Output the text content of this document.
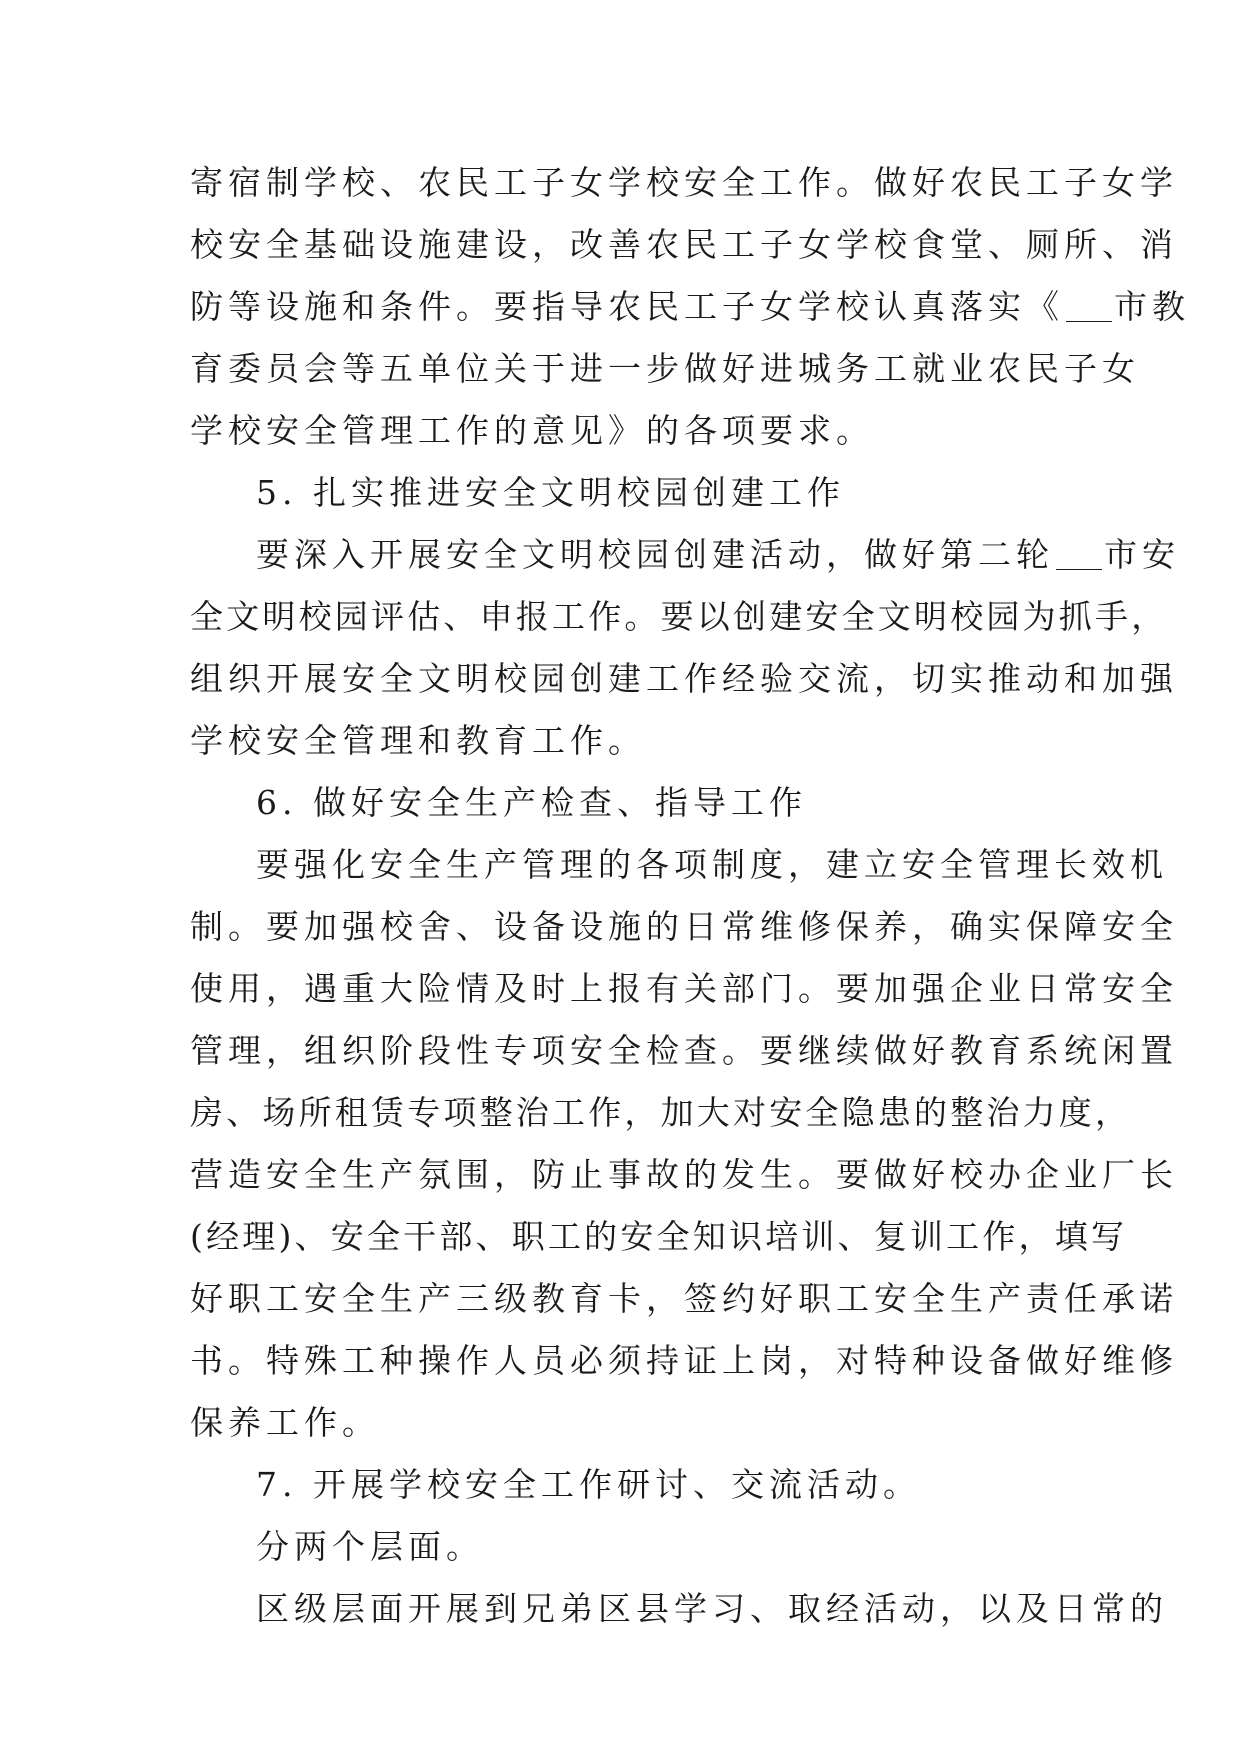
寄宿制学校、农民工子女学校安全工作。做好农民工子女学
校安全基础设施建设，改善农民工子女学校食堂、厕所、消
防等设施和条件。要指导农民工子女学校认真落实《 市教
育委员会等五单位关于进一步做好进城务工就业农民子女
学校安全管理工作的意见》的各项要求。
5. 扎实推进安全文明校园创建工作
要深入开展安全文明校园创建活动，做好第二轮 市安
全文明校园评估、申报工作。要以创建安全文明校园为抓手，
组织开展安全文明校园创建工作经验交流，切实推动和加强
学校安全管理和教育工作。
6. 做好安全生产检查、指导工作
要强化安全生产管理的各项制度，建立安全管理长效机
制。要加强校舍、设备设施的日常维修保养，确实保障安全
使用，遇重大险情及时上报有关部门。要加强企业日常安全
管理，组织阶段性专项安全检查。要继续做好教育系统闲置
房、场所租赁专项整治工作，加大对安全隐患的整治力度，
营造安全生产氛围，防止事故的发生。要做好校办企业厂长
(经理)、安全干部、职工的安全知识培训、复训工作，填写
好职工安全生产三级教育卡，签约好职工安全生产责任承诺
书。特殊工种操作人员必须持证上岗，对特种设备做好维修
保养工作。
7. 开展学校安全工作研讨、交流活动。
分两个层面。
区级层面开展到兄弟区县学习、取经活动，以及日常的
